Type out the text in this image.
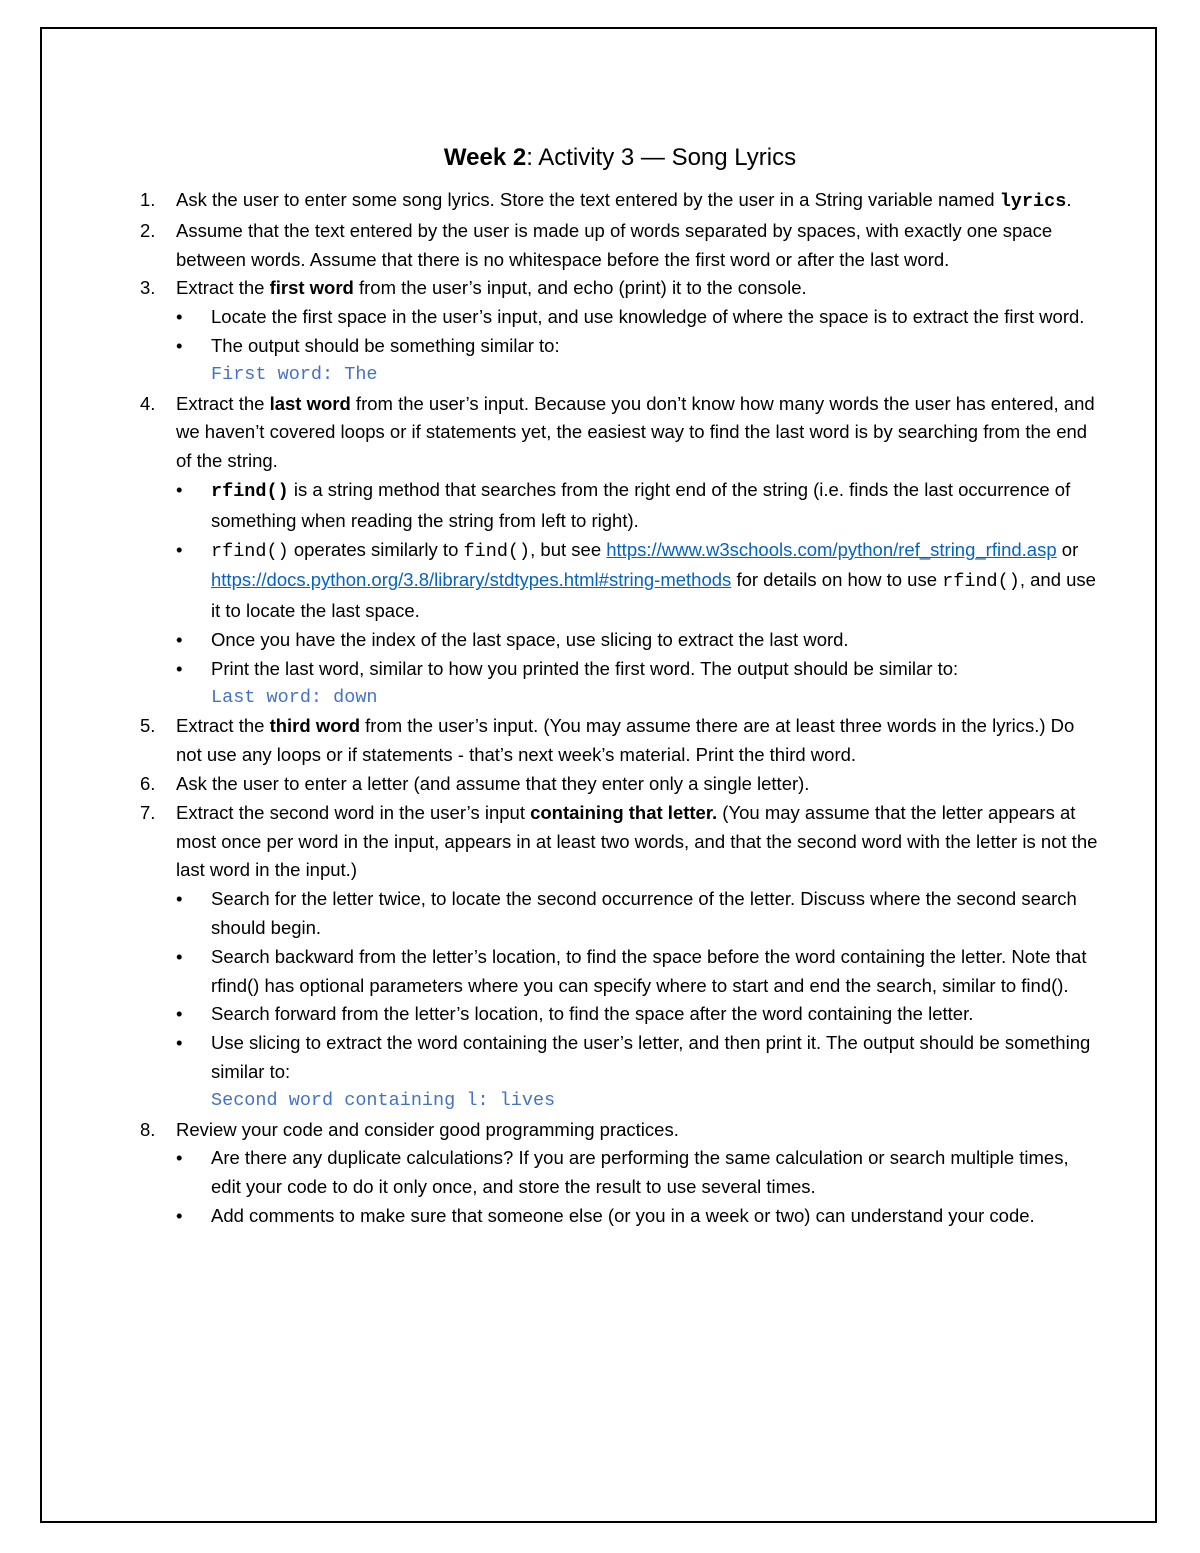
Week 2: Activity 3 — Song Lyrics
1. Ask the user to enter some song lyrics. Store the text entered by the user in a String variable named lyrics.
2. Assume that the text entered by the user is made up of words separated by spaces, with exactly one space between words. Assume that there is no whitespace before the first word or after the last word.
3. Extract the first word from the user’s input, and echo (print) it to the console.
• Locate the first space in the user’s input, and use knowledge of where the space is to extract the first word.
• The output should be something similar to:
First word: The
4. Extract the last word from the user’s input. Because you don’t know how many words the user has entered, and we haven’t covered loops or if statements yet, the easiest way to find the last word is by searching from the end of the string.
• rfind() is a string method that searches from the right end of the string (i.e. finds the last occurrence of something when reading the string from left to right).
• rfind() operates similarly to find(), but see https://www.w3schools.com/python/ref_string_rfind.asp or https://docs.python.org/3.8/library/stdtypes.html#string-methods for details on how to use rfind(), and use it to locate the last space.
• Once you have the index of the last space, use slicing to extract the last word.
• Print the last word, similar to how you printed the first word. The output should be similar to:
Last word: down
5. Extract the third word from the user’s input. (You may assume there are at least three words in the lyrics.) Do not use any loops or if statements - that’s next week’s material. Print the third word.
6. Ask the user to enter a letter (and assume that they enter only a single letter).
7. Extract the second word in the user’s input containing that letter. (You may assume that the letter appears at most once per word in the input, appears in at least two words, and that the second word with the letter is not the last word in the input.)
• Search for the letter twice, to locate the second occurrence of the letter. Discuss where the second search should begin.
• Search backward from the letter’s location, to find the space before the word containing the letter. Note that rfind() has optional parameters where you can specify where to start and end the search, similar to find().
• Search forward from the letter’s location, to find the space after the word containing the letter.
• Use slicing to extract the word containing the user’s letter, and then print it. The output should be something similar to:
Second word containing l: lives
8. Review your code and consider good programming practices.
• Are there any duplicate calculations? If you are performing the same calculation or search multiple times, edit your code to do it only once, and store the result to use several times.
• Add comments to make sure that someone else (or you in a week or two) can understand your code.
